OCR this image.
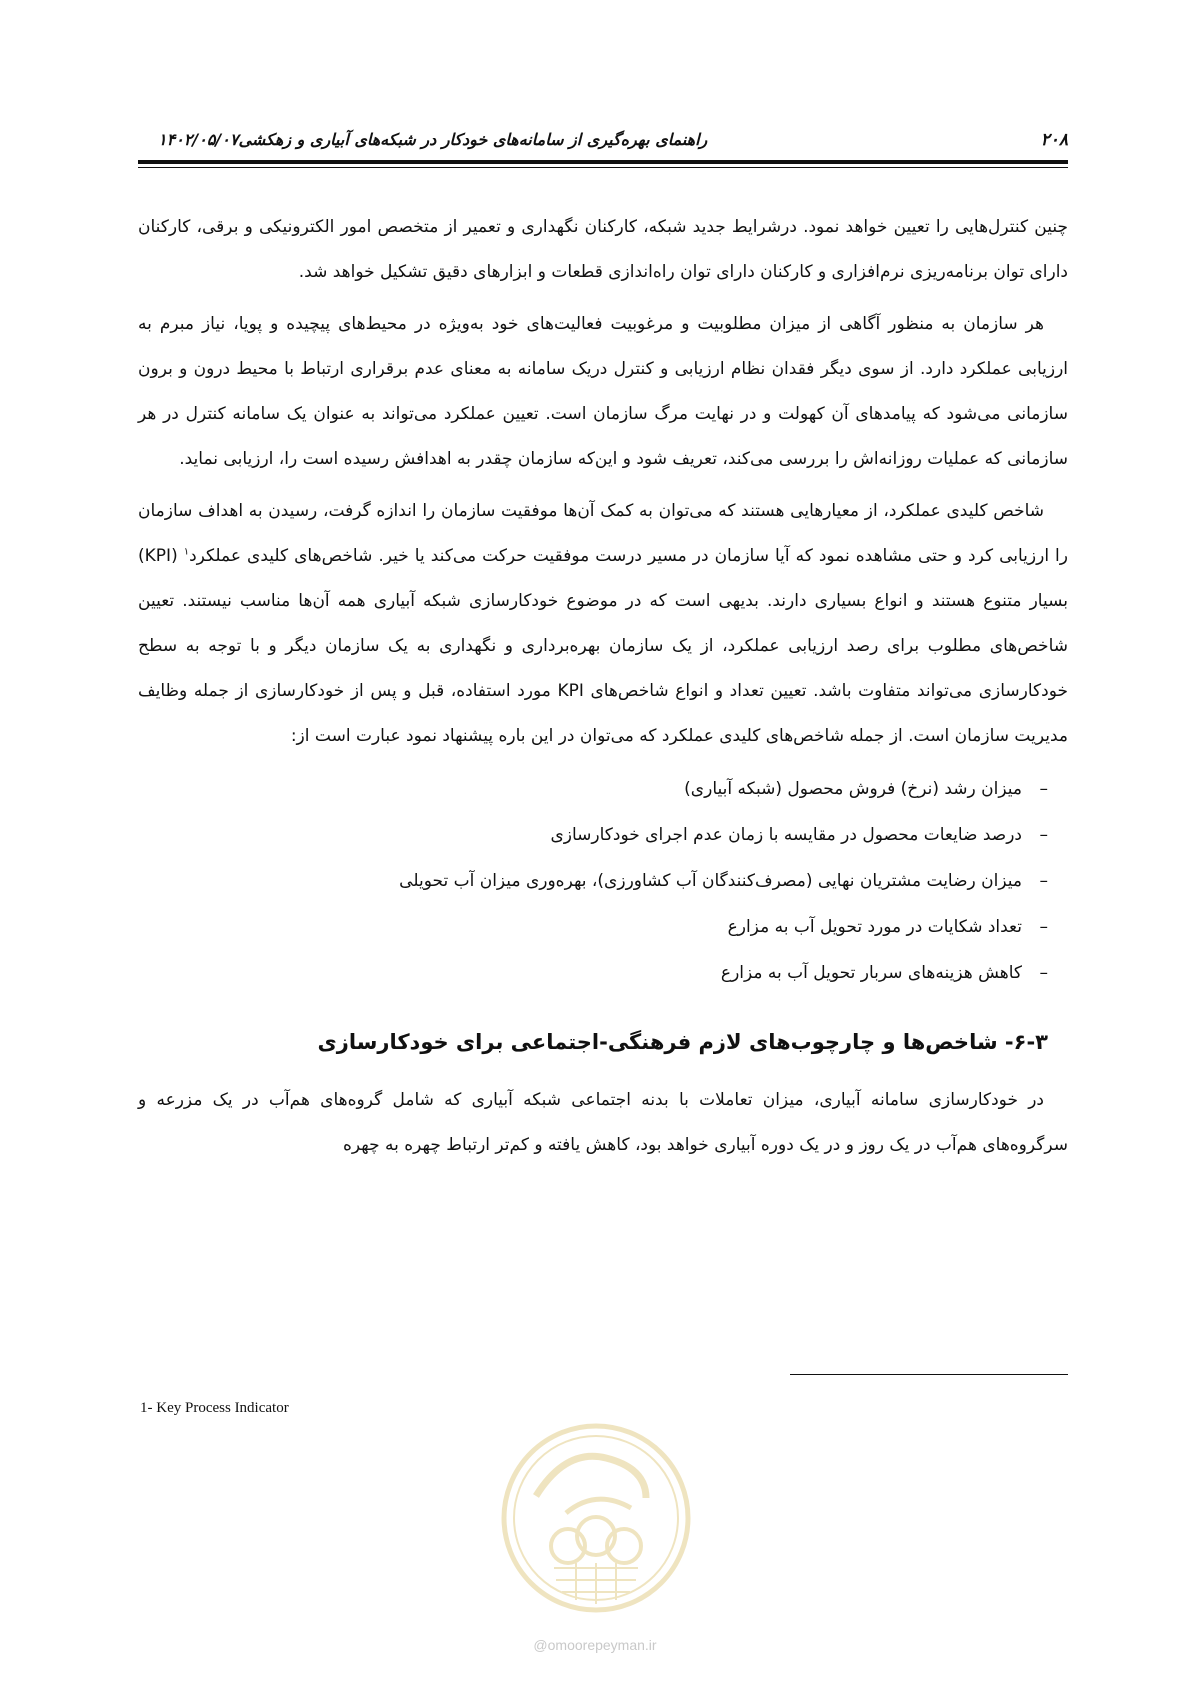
۲۰۸
راهنمای بهره‌گیری از سامانه‌های خودکار در شبکه‌های آبیاری و زهکشی۱۴۰۲/۰۵/۰۷

چنین کنترل‌هایی را تعیین خواهد نمود. درشرایط جدید شبکه، کارکنان نگهداری و تعمیر از متخصص امور الکترونیکی و برقی، کارکنان دارای توان برنامه‌ریزی نرم‌افزاری و کارکنان دارای توان راه‌اندازی قطعات و ابزارهای دقیق تشکیل خواهد شد.

هر سازمان به منظور آگاهی از میزان مطلوبیت و مرغوبیت فعالیت‌های خود به‌ویژه در محیط‌های پیچیده و پویا، نیاز مبرم به ارزیابی عملکرد دارد. از سوی دیگر فقدان نظام ارزیابی و کنترل دریک سامانه به معنای عدم برقراری ارتباط با محیط درون و برون سازمانی می‌شود که پیامدهای آن کهولت و در نهایت مرگ سازمان است. تعیین عملکرد می‌تواند به عنوان یک سامانه کنترل در هر سازمانی که عملیات روزانه‌اش را بررسی می‌کند، تعریف شود و این‌که سازمان چقدر به اهدافش رسیده است را، ارزیابی نماید.

شاخص کلیدی عملکرد، از معیارهایی هستند که می‌توان به کمک آن‌ها موفقیت سازمان را اندازه گرفت، رسیدن به اهداف سازمان را ارزیابی کرد و حتی مشاهده نمود که آیا سازمان در مسیر درست موفقیت حرکت می‌کند یا خیر. شاخص‌های کلیدی عملکرد$^۱$ (KPI) بسیار متنوع هستند و انواع بسیاری دارند. بدیهی است که در موضوع خودکارسازی شبکه آبیاری همه آن‌ها مناسب نیستند. تعیین شاخص‌های مطلوب برای رصد ارزیابی عملکرد، از یک سازمان بهره‌برداری و نگهداری به یک سازمان دیگر و با توجه به سطح خودکارسازی می‌تواند متفاوت باشد. تعیین تعداد و انواع شاخص‌های KPI مورد استفاده، قبل و پس از خودکارسازی از جمله وظایف مدیریت سازمان است. از جمله شاخص‌های کلیدی عملکرد که می‌توان در این باره پیشنهاد نمود عبارت است از:

–میزان رشد (نرخ) فروش محصول (شبکه آبیاری)
–درصد ضایعات محصول در مقایسه با زمان عدم اجرای خودکارسازی
–میزان رضایت مشتریان نهایی (مصرف‌کنندگان آب کشاورزی)، بهره‌وری میزان آب تحویلی
–تعداد شکایات در مورد تحویل آب به مزارع
–کاهش هزینه‌های سربار تحویل آب به مزارع
۶-۳- شاخص‌ها و چارچوب‌های لازم فرهنگی-اجتماعی برای خودکارسازی

در خودکارسازی سامانه آبیاری، میزان تعاملات با بدنه اجتماعی شبکه آبیاری که شامل گروه‌های هم‌آب در یک مزرعه و سرگروه‌های هم‌آب در یک روز و در یک دوره آبیاری خواهد بود، کاهش یافته و کم‌تر ارتباط چهره به چهره

1- Key Process Indicator
@omoorepeyman.ir
